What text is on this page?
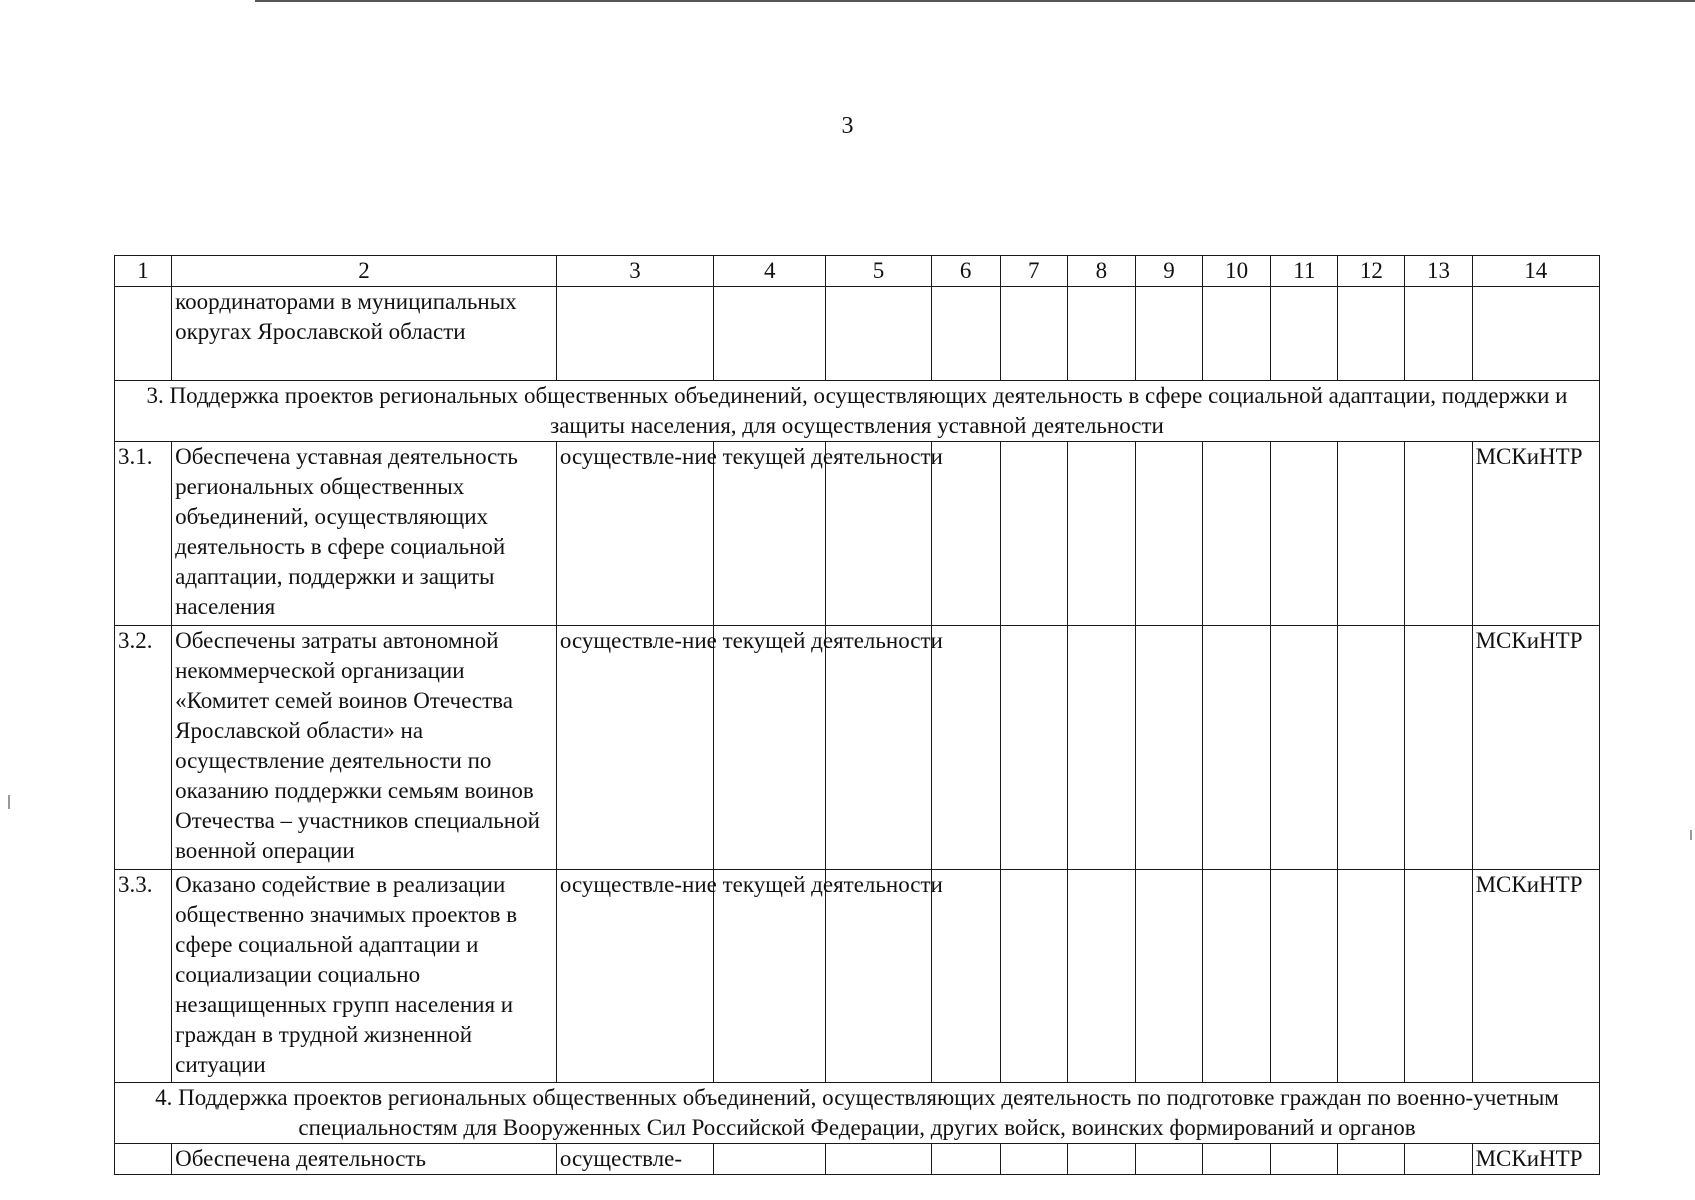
3
1	2	3	4	5	6	7	8	9	10	11	12	13	14
	координаторами в муниципальных округах Ярославской области												
3. Поддержка проектов региональных общественных объединений, осуществляющих деятельность в сфере социальной адаптации, поддержки и защиты населения, для осуществления уставной деятельности													
3.1.	Обеспечена уставная деятельность региональных общественных объединений, осуществляющих деятельность в сфере социальной адаптации, поддержки и защиты населения	осуществле-ние текущей деятельности											МСКиНТР
3.2.	Обеспечены затраты автономной некоммерческой организации «Комитет семей воинов Отечества Ярославской области» на осуществление деятельности по оказанию поддержки семьям воинов Отечества – участников специальной военной операции	осуществле-ние текущей деятельности											МСКиНТР
3.3.	Оказано содействие в реализации общественно значимых проектов в сфере социальной адаптации и социализации социально незащищенных групп населения и граждан в трудной жизненной ситуации	осуществле-ние текущей деятельности											МСКиНТР
4. Поддержка проектов региональных общественных объединений, осуществляющих деятельность по подготовке граждан по военно-учетным специальностям для Вооруженных Сил Российской Федерации, других войск, воинских формирований и органов													
	Обеспечена деятельность	осуществле-											МСКиНТР
